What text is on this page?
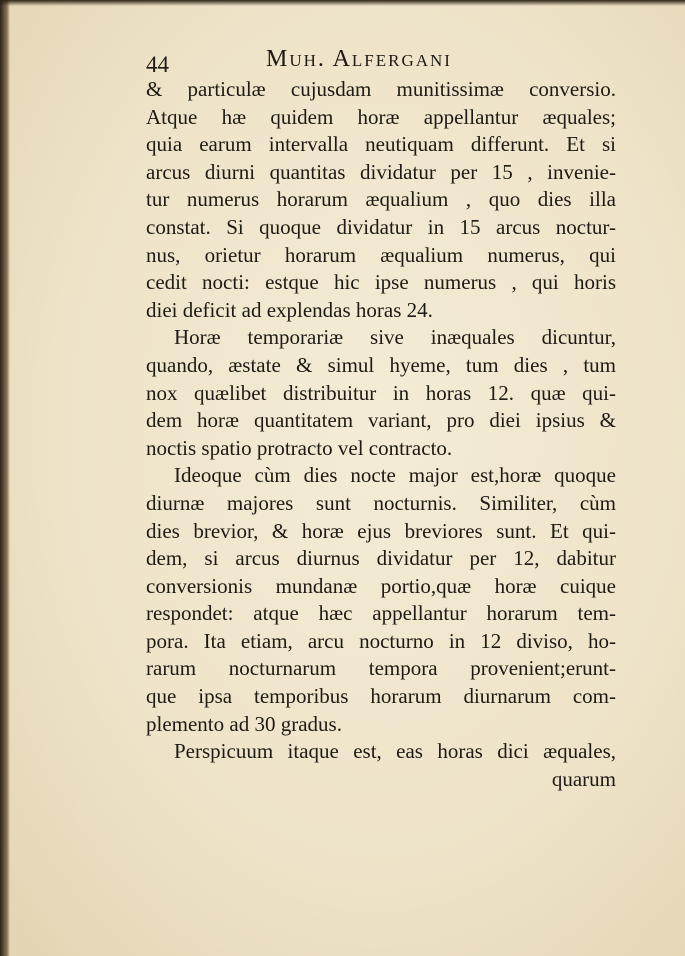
44	Muh. Alfergani
& particulæ cujusdam munitissimæ conversio.
Atque hæ quidem horæ appellantur æquales;
quia earum intervalla neutiquam differunt. Et si
arcus diurni quantitas dividatur per 15 , invenie-
tur numerus horarum æqualium , quo dies illa
constat. Si quoque dividatur in 15 arcus noctur-
nus, orietur horarum æqualium numerus, qui
cedit nocti: estque hic ipse numerus , qui horis
diei deficit ad explendas horas 24.
Horæ temporariæ sive inæquales dicuntur,
quando, æstate & simul hyeme, tum dies , tum
nox quælibet distribuitur in horas 12. quæ qui-
dem horæ quantitatem variant, pro diei ipsius &
noctis spatio protracto vel contracto.
Ideoque cùm dies nocte major est,horæ quoque
diurnæ majores sunt nocturnis. Similiter, cùm
dies brevior, & horæ ejus breviores sunt. Et qui-
dem, si arcus diurnus dividatur per 12, dabitur
conversionis mundanæ portio,quæ horæ cuique
respondet: atque hæc appellantur horarum tem-
pora. Ita etiam, arcu nocturno in 12 diviso, ho-
rarum nocturnarum tempora provenient;erunt-
que ipsa temporibus horarum diurnarum com-
plemento ad 30 gradus.
Perspicuum itaque est, eas horas dici æquales,
quarum
